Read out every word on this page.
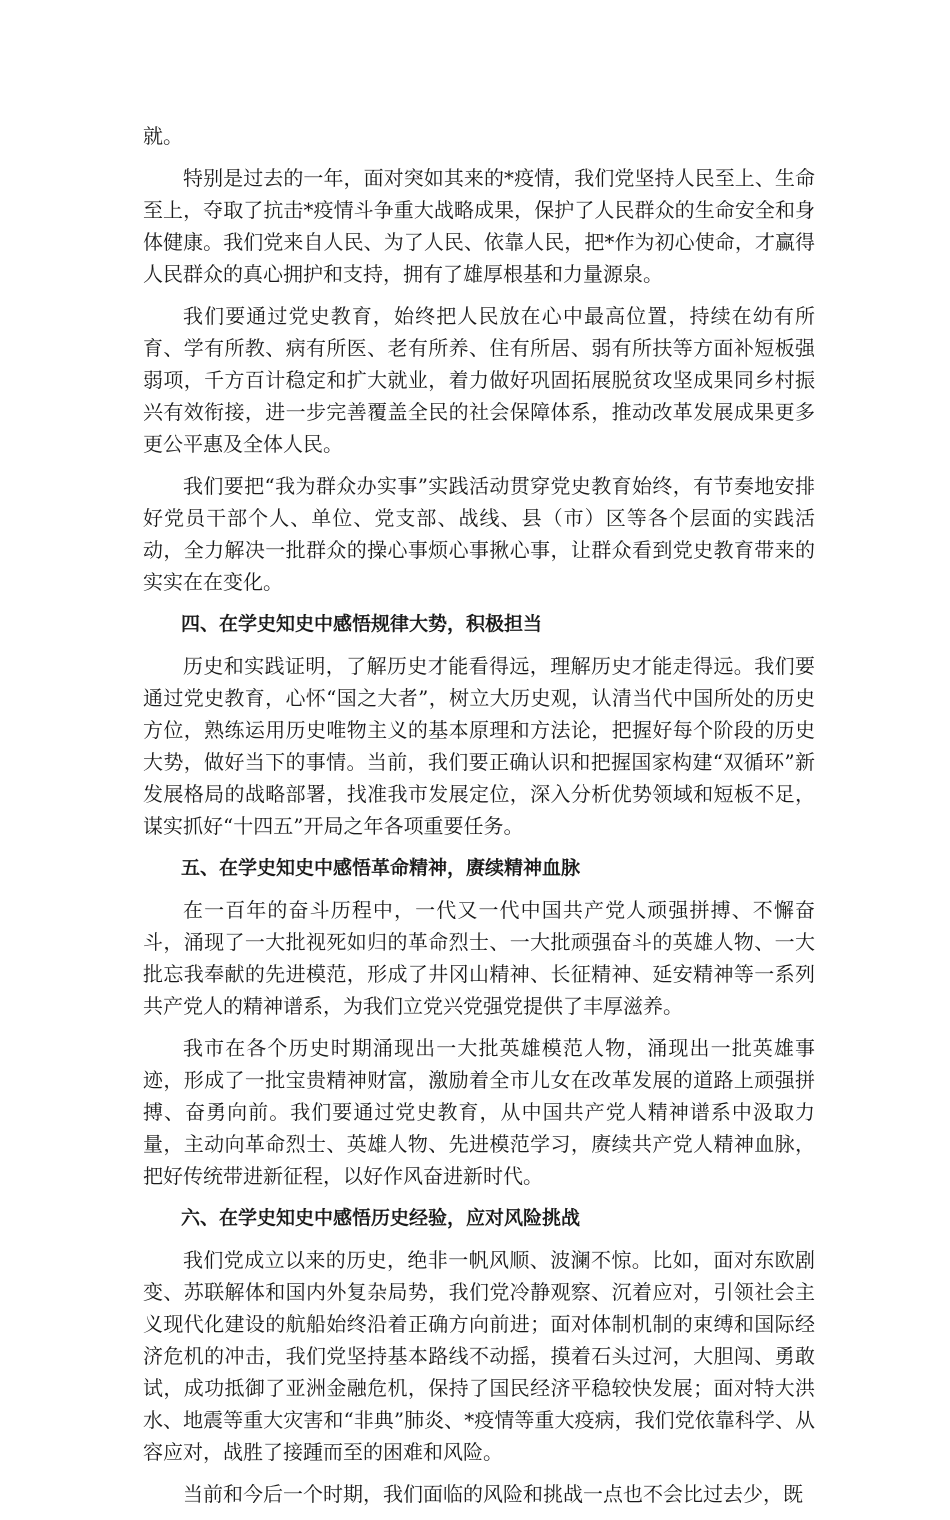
就。

特别是过去的一年，面对突如其来的*疫情，我们党坚持人民至上、生命至上，夺取了抗击*疫情斗争重大战略成果，保护了人民群众的生命安全和身体健康。我们党来自人民、为了人民、依靠人民，把*作为初心使命，才赢得人民群众的真心拥护和支持，拥有了雄厚根基和力量源泉。

我们要通过党史教育，始终把人民放在心中最高位置，持续在幼有所育、学有所教、病有所医、老有所养、住有所居、弱有所扶等方面补短板强弱项，千方百计稳定和扩大就业，着力做好巩固拓展脱贫攻坚成果同乡村振兴有效衔接，进一步完善覆盖全民的社会保障体系，推动改革发展成果更多更公平惠及全体人民。

我们要把“我为群众办实事”实践活动贯穿党史教育始终，有节奏地安排好党员干部个人、单位、党支部、战线、县（市）区等各个层面的实践活动，全力解决一批群众的操心事烦心事揪心事，让群众看到党史教育带来的实实在在变化。

四、在学史知史中感悟规律大势，积极担当

历史和实践证明，了解历史才能看得远，理解历史才能走得远。我们要通过党史教育，心怀“国之大者”，树立大历史观，认清当代中国所处的历史方位，熟练运用历史唯物主义的基本原理和方法论，把握好每个阶段的历史大势，做好当下的事情。当前，我们要正确认识和把握国家构建“双循环”新发展格局的战略部署，找准我市发展定位，深入分析优势领域和短板不足，谋实抓好“十四五”开局之年各项重要任务。

五、在学史知史中感悟革命精神，赓续精神血脉

在一百年的奋斗历程中，一代又一代中国共产党人顽强拼搏、不懈奋斗，涌现了一大批视死如归的革命烈士、一大批顽强奋斗的英雄人物、一大批忘我奉献的先进模范，形成了井冈山精神、长征精神、延安精神等一系列共产党人的精神谱系，为我们立党兴党强党提供了丰厚滋养。

我市在各个历史时期涌现出一大批英雄模范人物，涌现出一批英雄事迹，形成了一批宝贵精神财富，激励着全市儿女在改革发展的道路上顽强拼搏、奋勇向前。我们要通过党史教育，从中国共产党人精神谱系中汲取力量，主动向革命烈士、英雄人物、先进模范学习，赓续共产党人精神血脉，把好传统带进新征程，以好作风奋进新时代。

六、在学史知史中感悟历史经验，应对风险挑战

我们党成立以来的历史，绝非一帆风顺、波澜不惊。比如，面对东欧剧变、苏联解体和国内外复杂局势，我们党冷静观察、沉着应对，引领社会主义现代化建设的航船始终沿着正确方向前进；面对体制机制的束缚和国际经济危机的冲击，我们党坚持基本路线不动摇，摸着石头过河，大胆闯、勇敢试，成功抵御了亚洲金融危机，保持了国民经济平稳较快发展；面对特大洪水、地震等重大灾害和“非典”肺炎、*疫情等重大疫病，我们党依靠科学、从容应对，战胜了接踵而至的困难和风险。

当前和今后一个时期，我们面临的风险和挑战一点也不会比过去少，既
